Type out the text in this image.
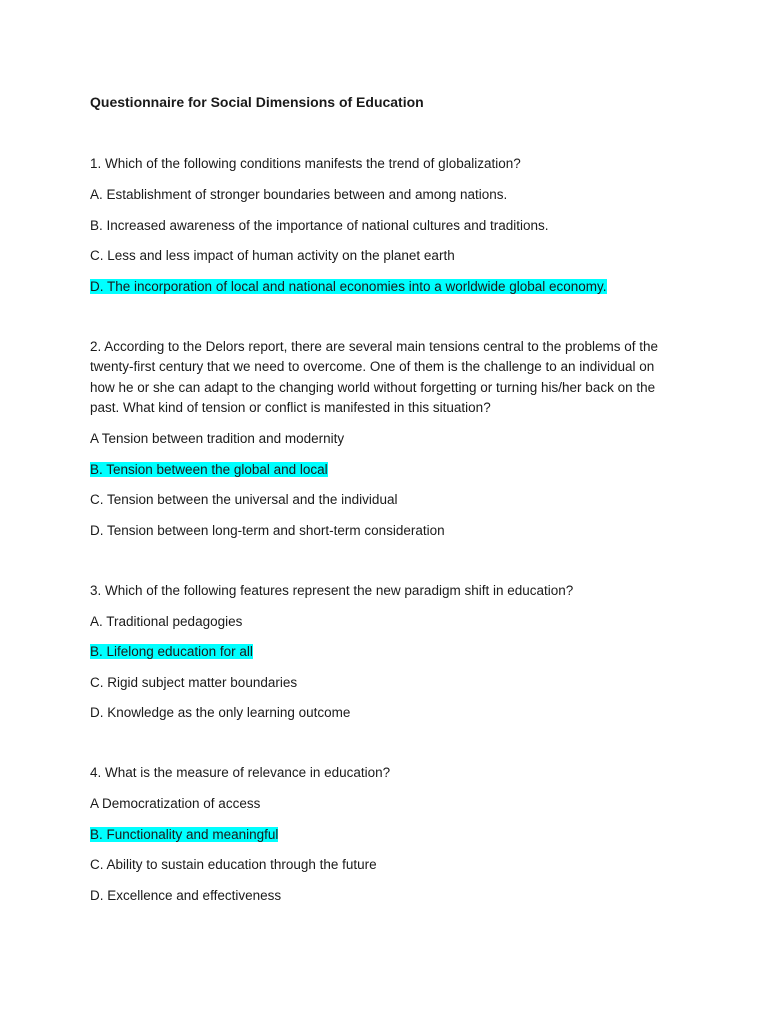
Questionnaire for Social Dimensions of Education

1. Which of the following conditions manifests the trend of globalization?

A. Establishment of stronger boundaries between and among nations.

B. Increased awareness of the importance of national cultures and traditions.

C. Less and less impact of human activity on the planet earth

D. The incorporation of local and national economies into a worldwide global economy.

2. According to the Delors report, there are several main tensions central to the problems of the twenty-first century that we need to overcome. One of them is the challenge to an individual on how he or she can adapt to the changing world without forgetting or turning his/her back on the past. What kind of tension or conflict is manifested in this situation?

A Tension between tradition and modernity

B. Tension between the global and local

C. Tension between the universal and the individual

D. Tension between long-term and short-term consideration

3. Which of the following features represent the new paradigm shift in education?

A. Traditional pedagogies

B. Lifelong education for all

C. Rigid subject matter boundaries

D. Knowledge as the only learning outcome

4. What is the measure of relevance in education?

A Democratization of access

B. Functionality and meaningful

C. Ability to sustain education through the future

D. Excellence and effectiveness
